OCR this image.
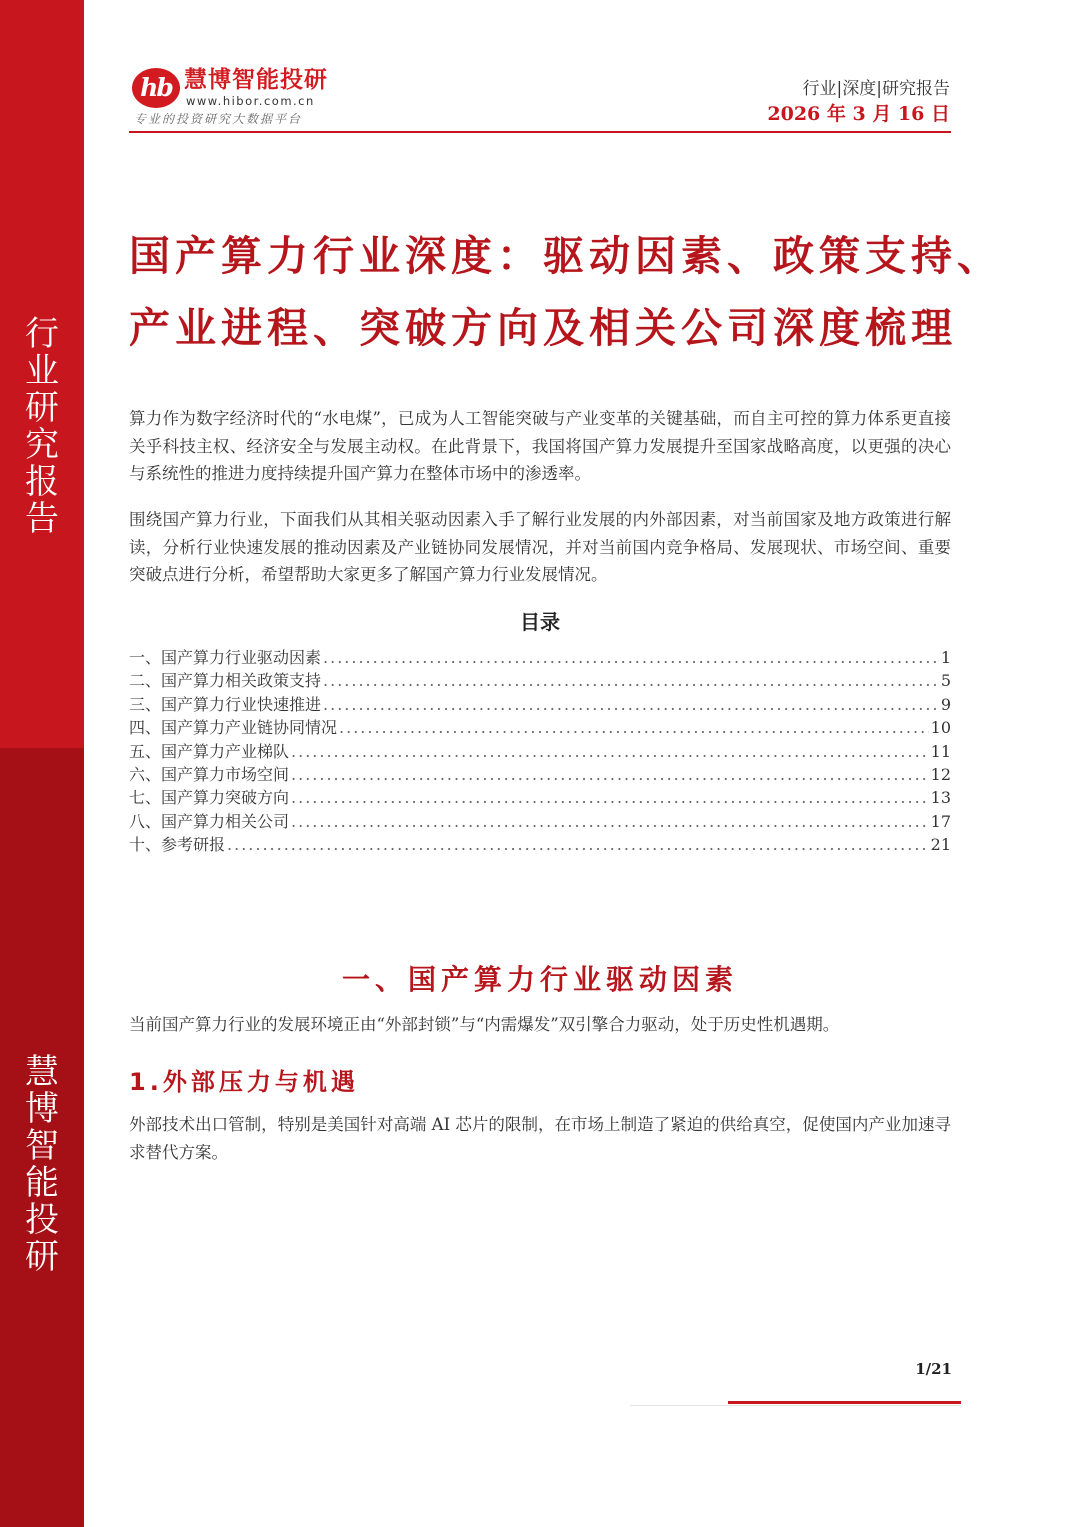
行
业
研
究
报
告
慧
博
智
能
投
研
hb 慧博智能投研
www.hibor.com.cn
专业的投资研究大数据平台
行业|深度|研究报告
2026 年 3 月 16 日
国产算力行业深度：驱动因素、政策支持、
产业进程、突破方向及相关公司深度梳理
算力作为数字经济时代的“水电煤”，已成为人工智能突破与产业变革的关键基础，而自主可控的算力体系更直接关乎科技主权、经济安全与发展主动权。在此背景下，我国将国产算力发展提升至国家战略高度，以更强的决心与系统性的推进力度持续提升国产算力在整体市场中的渗透率。
围绕国产算力行业，下面我们从其相关驱动因素入手了解行业发展的内外部因素，对当前国家及地方政策进行解读，分析行业快速发展的推动因素及产业链协同发展情况，并对当前国内竞争格局、发展现状、市场空间、重要突破点进行分析，希望帮助大家更多了解国产算力行业发展情况。
目录
一、国产算力行业驱动因素 .....	1
二、国产算力相关政策支持 .....	5
三、国产算力行业快速推进 .....	9
四、国产算力产业链协同情况 .....	10
五、国产算力产业梯队 .....	11
六、国产算力市场空间 .....	12
七、国产算力突破方向 .....	13
八、国产算力相关公司 .....	17
十、参考研报 .....	21
一、国产算力行业驱动因素
当前国产算力行业的发展环境正由“外部封锁”与“内需爆发”双引擎合力驱动，处于历史性机遇期。
1.外部压力与机遇
外部技术出口管制，特别是美国针对高端 AI 芯片的限制，在市场上制造了紧迫的供给真空，促使国内产业加速寻求替代方案。
1/21
